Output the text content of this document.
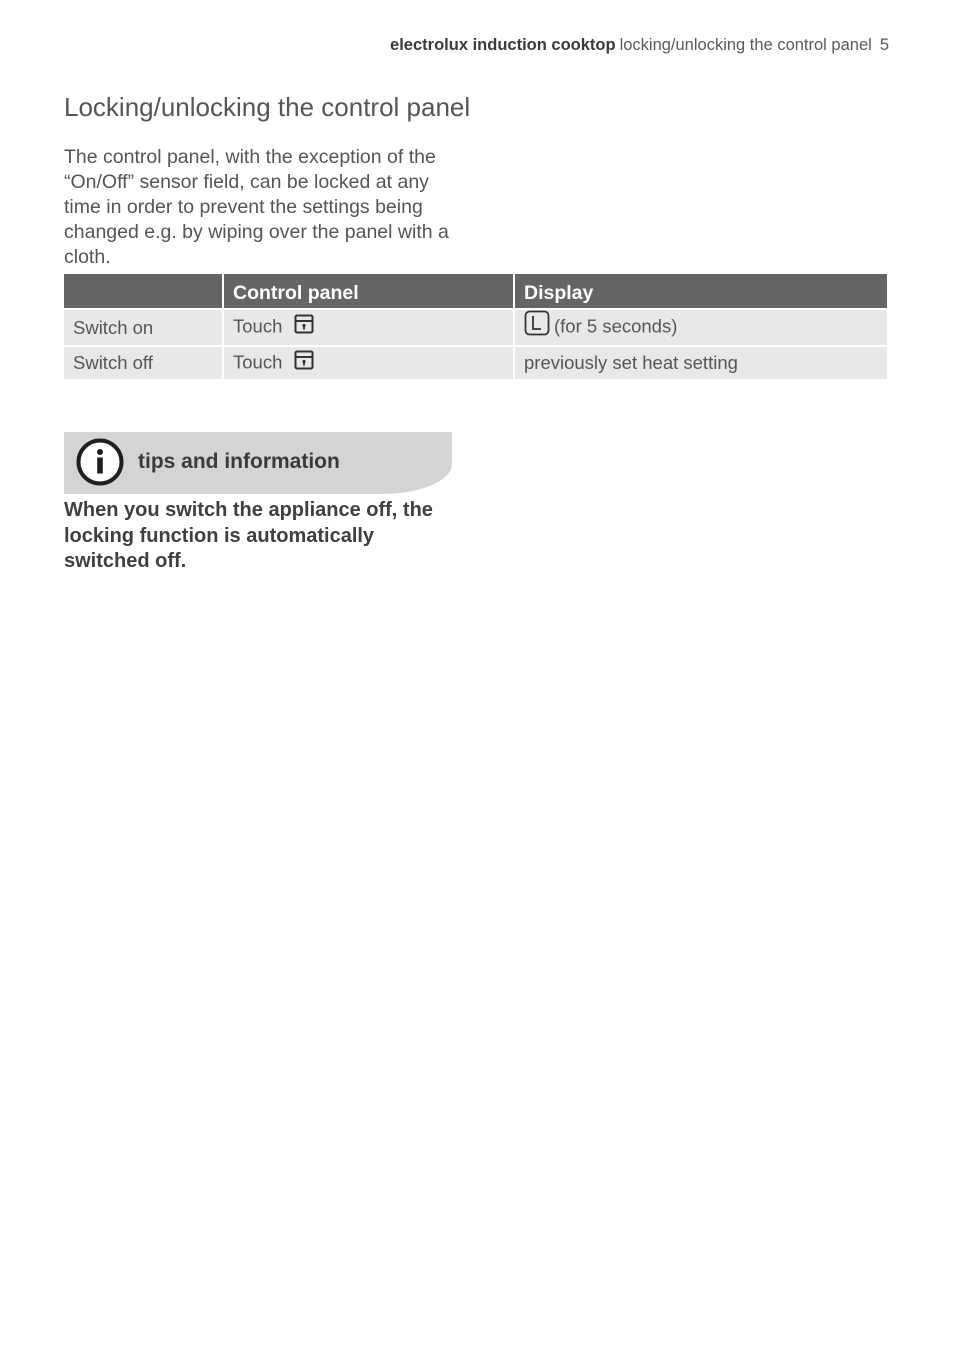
electrolux induction cooktop locking/unlocking the control panel 5
Locking/unlocking the control panel

The control panel, with the exception of the “On/Off” sensor field, can be locked at any time in order to prevent the settings being changed e.g. by wiping over the panel with a cloth.

	Control panel	Display
Switch on	Touch	(for 5 seconds)
Switch off	Touch	previously set heat setting
tips and information

When you switch the appliance off, the locking function is automatically switched off.
